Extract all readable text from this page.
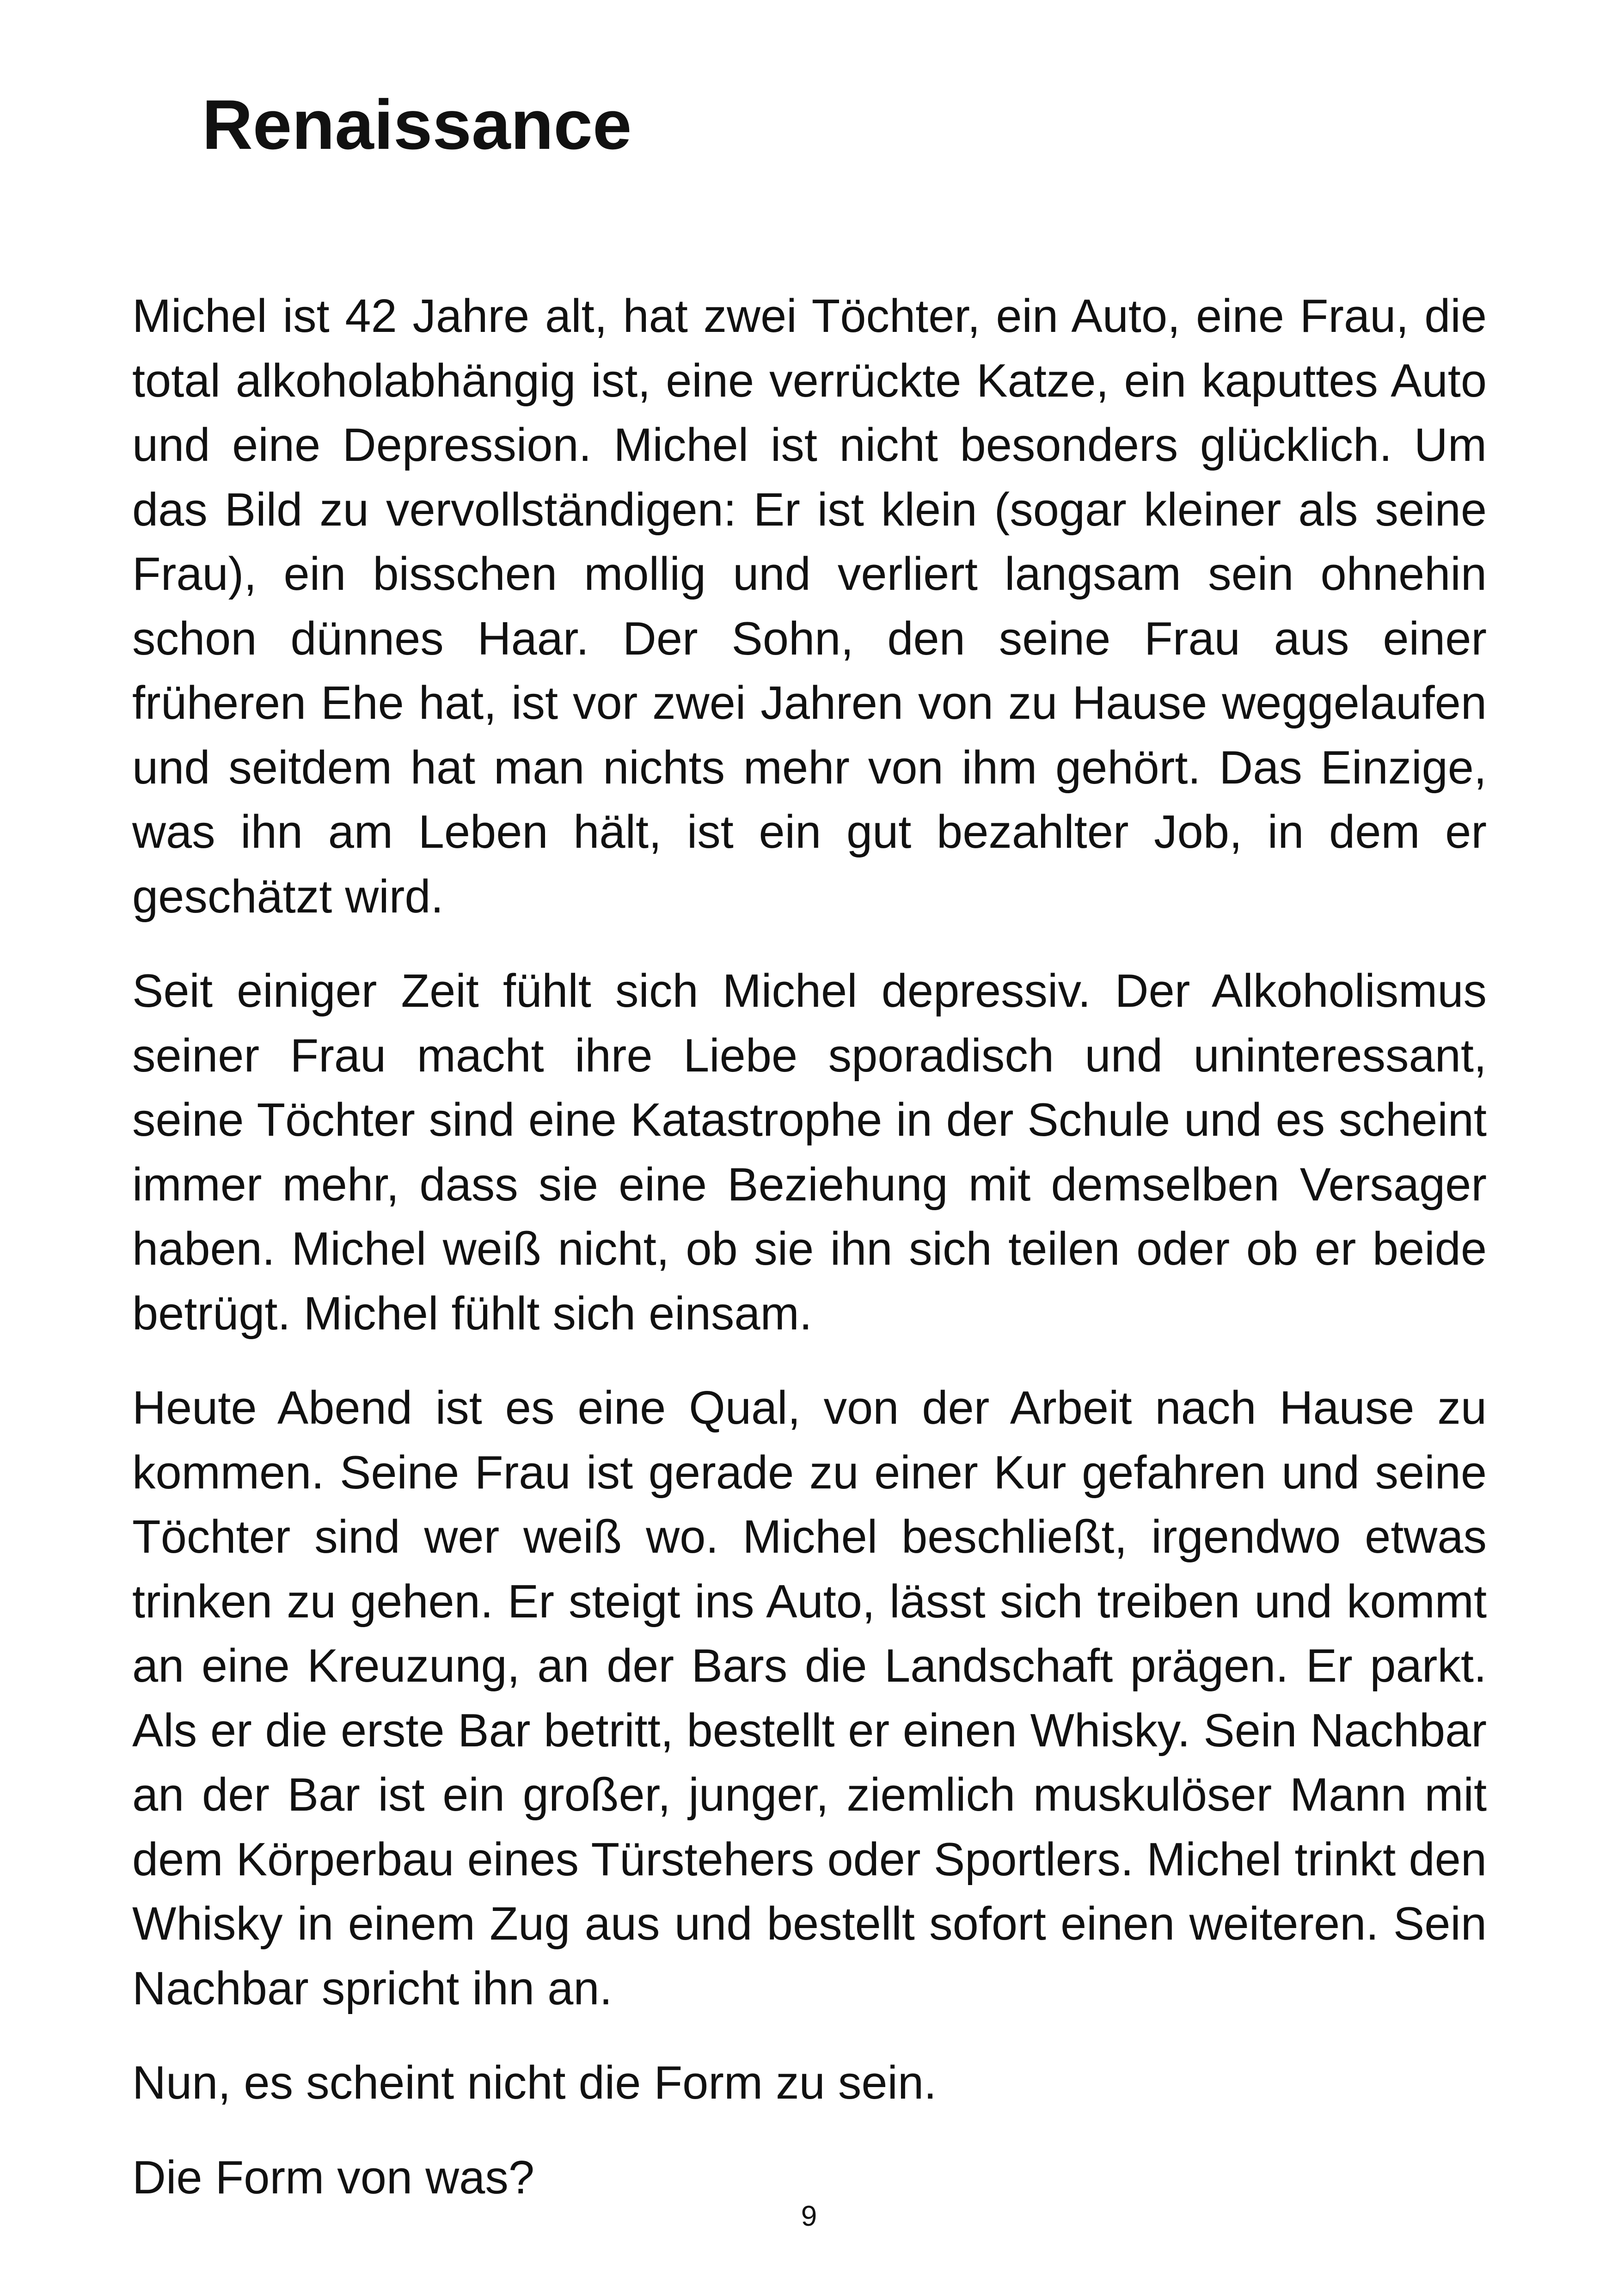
Renaissance

Michel ist 42 Jahre alt, hat zwei Töchter, ein Auto, eine Frau, die total alkoholabhängig ist, eine verrückte Katze, ein kaputtes Auto und eine Depression. Michel ist nicht besonders glücklich. Um das Bild zu vervollständigen: Er ist klein (sogar kleiner als seine Frau), ein bisschen mollig und verliert langsam sein ohnehin schon dünnes Haar. Der Sohn, den seine Frau aus einer früheren Ehe hat, ist vor zwei Jahren von zu Hause weggelaufen und seitdem hat man nichts mehr von ihm gehört. Das Einzige, was ihn am Leben hält, ist ein gut bezahlter Job, in dem er geschätzt wird.

Seit einiger Zeit fühlt sich Michel depressiv. Der Alkoholismus seiner Frau macht ihre Liebe sporadisch und uninteressant, seine Töchter sind eine Katastrophe in der Schule und es scheint immer mehr, dass sie eine Beziehung mit demselben Versager haben. Michel weiß nicht, ob sie ihn sich teilen oder ob er beide betrügt. Michel fühlt sich einsam.

Heute Abend ist es eine Qual, von der Arbeit nach Hause zu kommen. Seine Frau ist gerade zu einer Kur gefahren und seine Töchter sind wer weiß wo. Michel beschließt, irgendwo etwas trinken zu gehen. Er steigt ins Auto, lässt sich treiben und kommt an eine Kreuzung, an der Bars die Landschaft prägen. Er parkt. Als er die erste Bar betritt, bestellt er einen Whisky. Sein Nachbar an der Bar ist ein großer, junger, ziemlich muskulöser Mann mit dem Körperbau eines Türstehers oder Sportlers. Michel trinkt den Whisky in einem Zug aus und bestellt sofort einen weiteren. Sein Nachbar spricht ihn an.

Nun, es scheint nicht die Form zu sein.

Die Form von was?

9
